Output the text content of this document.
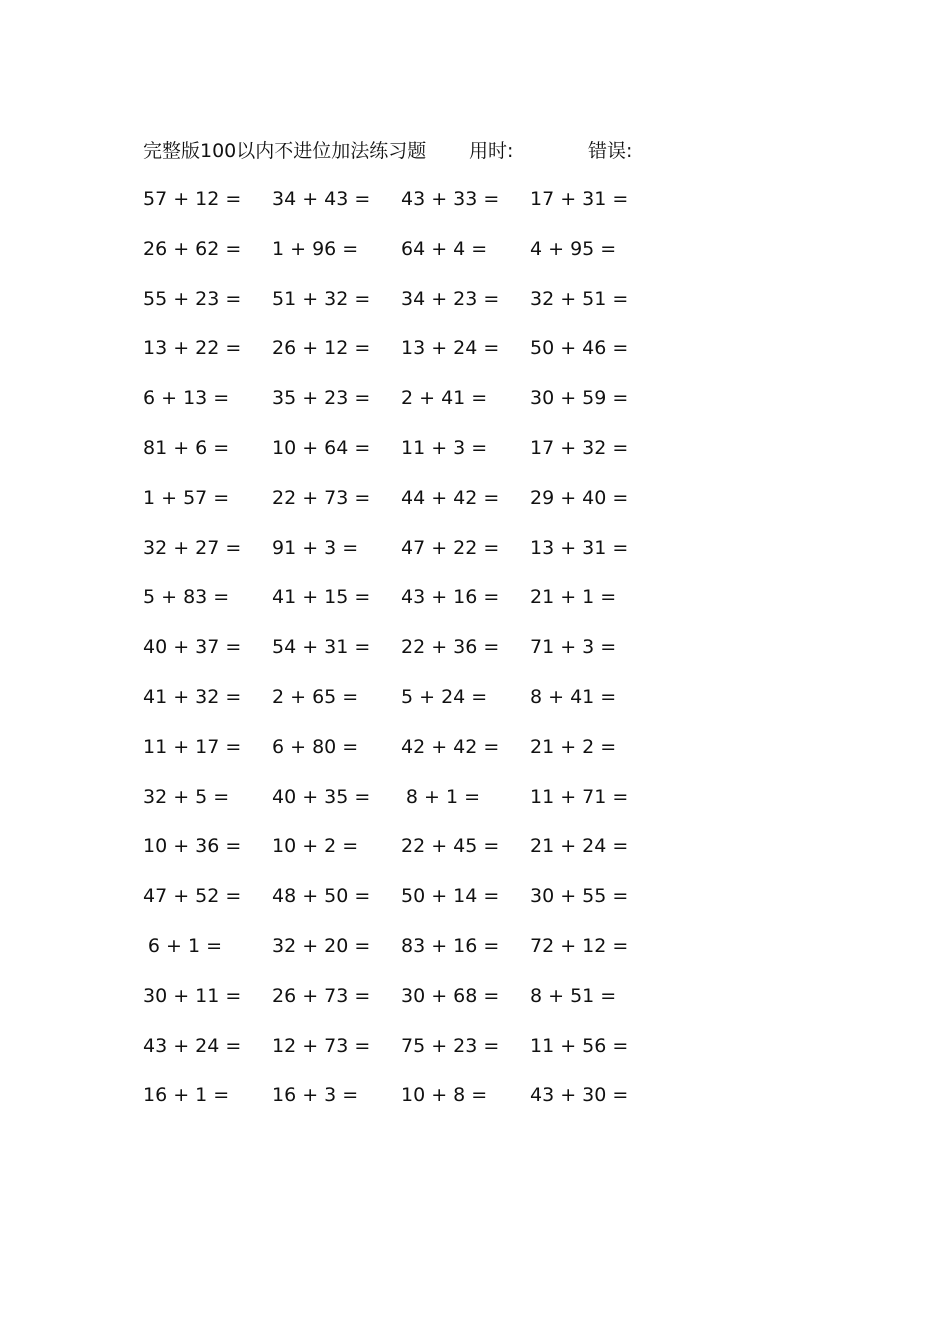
完整版100以内不进位加法练习题 用时:	错误:
57 + 12 = 34 + 43 = 43 + 33 = 17 + 31 =
26 + 62 = 1 + 96 = 64 + 4 = 4 + 95 =
55 + 23 = 51 + 32 = 34 + 23 = 32 + 51 =
13 + 22 = 26 + 12 = 13 + 24 = 50 + 46 =
6 + 13 = 35 + 23 = 2 + 41 = 30 + 59 =
81 + 6 = 10 + 64 = 11 + 3 = 17 + 32 =
1 + 57 = 22 + 73 = 44 + 42 = 29 + 40 =
32 + 27 = 91 + 3 = 47 + 22 = 13 + 31 =
5 + 83 = 41 + 15 = 43 + 16 = 21 + 1 =
40 + 37 = 54 + 31 = 22 + 36 = 71 + 3 =
41 + 32 = 2 + 65 = 5 + 24 = 8 + 41 =
11 + 17 = 6 + 80 = 42 + 42 = 21 + 2 =
32 + 5 = 40 + 35 = 8 + 1 =	11 + 71 =
10 + 36 = 10 + 2 = 22 + 45 = 21 + 24 =
47 + 52 = 48 + 50 = 50 + 14 = 30 + 55 =
6 + 1 =	32 + 20 = 83 + 16 = 72 + 12 =
30 + 11 = 26 + 73 = 30 + 68 = 8 + 51 =
43 + 24 = 12 + 73 = 75 + 23 = 11 + 56 =
16 + 1 = 16 + 3 = 10 + 8 = 43 + 30 =
